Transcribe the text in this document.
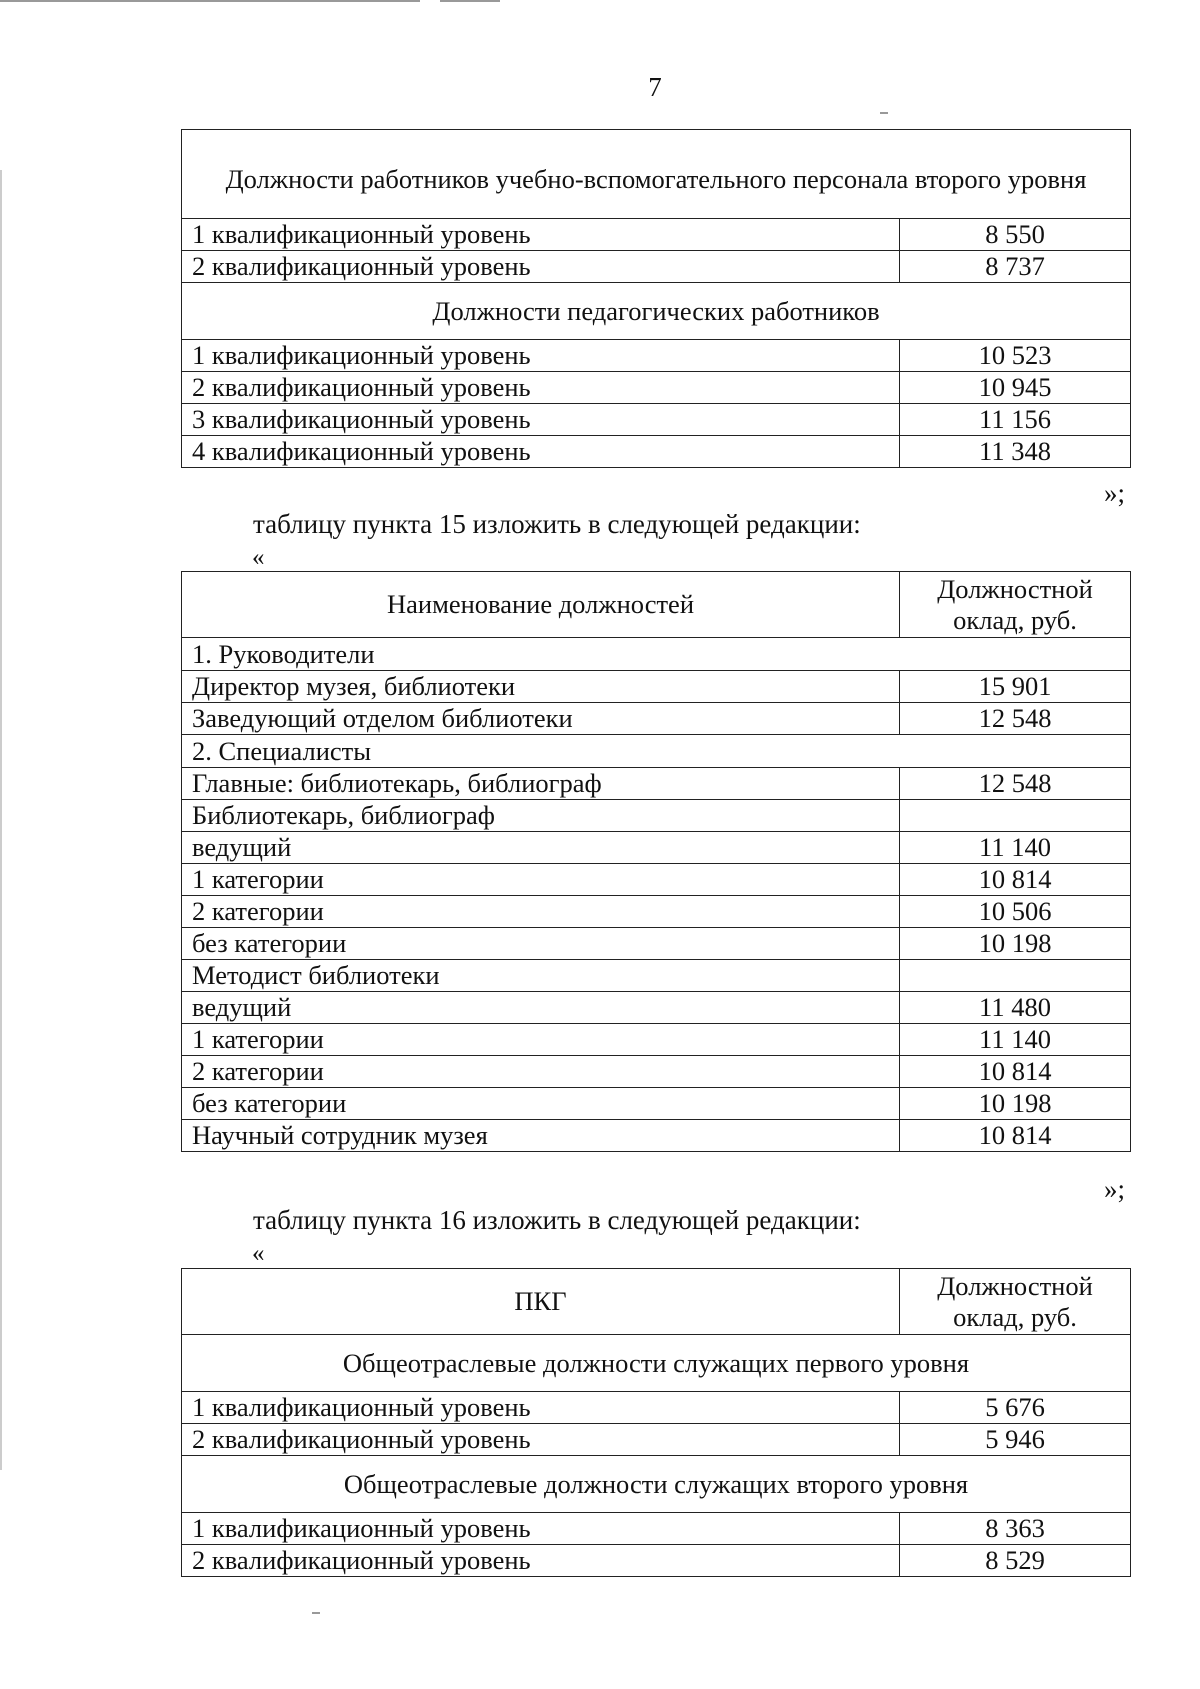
7
Должности работников учебно-вспомогательного персонала второго уровня	
1 квалификационный уровень	8 550
2 квалификационный уровень	8 737
Должности педагогических работников	
1 квалификационный уровень	10 523
2 квалификационный уровень	10 945
3 квалификационный уровень	11 156
4 квалификационный уровень	11 348
»;
таблицу пункта 15 изложить в следующей редакции:
«
Наименование должностей	Должностной оклад, руб.
1. Руководители	
Директор музея, библиотеки	15 901
Заведующий отделом библиотеки	12 548
2. Специалисты	
Главные: библиотекарь, библиограф	12 548
Библиотекарь, библиограф	
ведущий	11 140
1 категории	10 814
2 категории	10 506
без категории	10 198
Методист библиотеки	
ведущий	11 480
1 категории	11 140
2 категории	10 814
без категории	10 198
Научный сотрудник музея	10 814
»;
таблицу пункта 16 изложить в следующей редакции:
«
ПКГ	Должностной оклад, руб.
Общеотраслевые должности служащих первого уровня	
1 квалификационный уровень	5 676
2 квалификационный уровень	5 946
Общеотраслевые должности служащих второго уровня	
1 квалификационный уровень	8 363
2 квалификационный уровень	8 529
